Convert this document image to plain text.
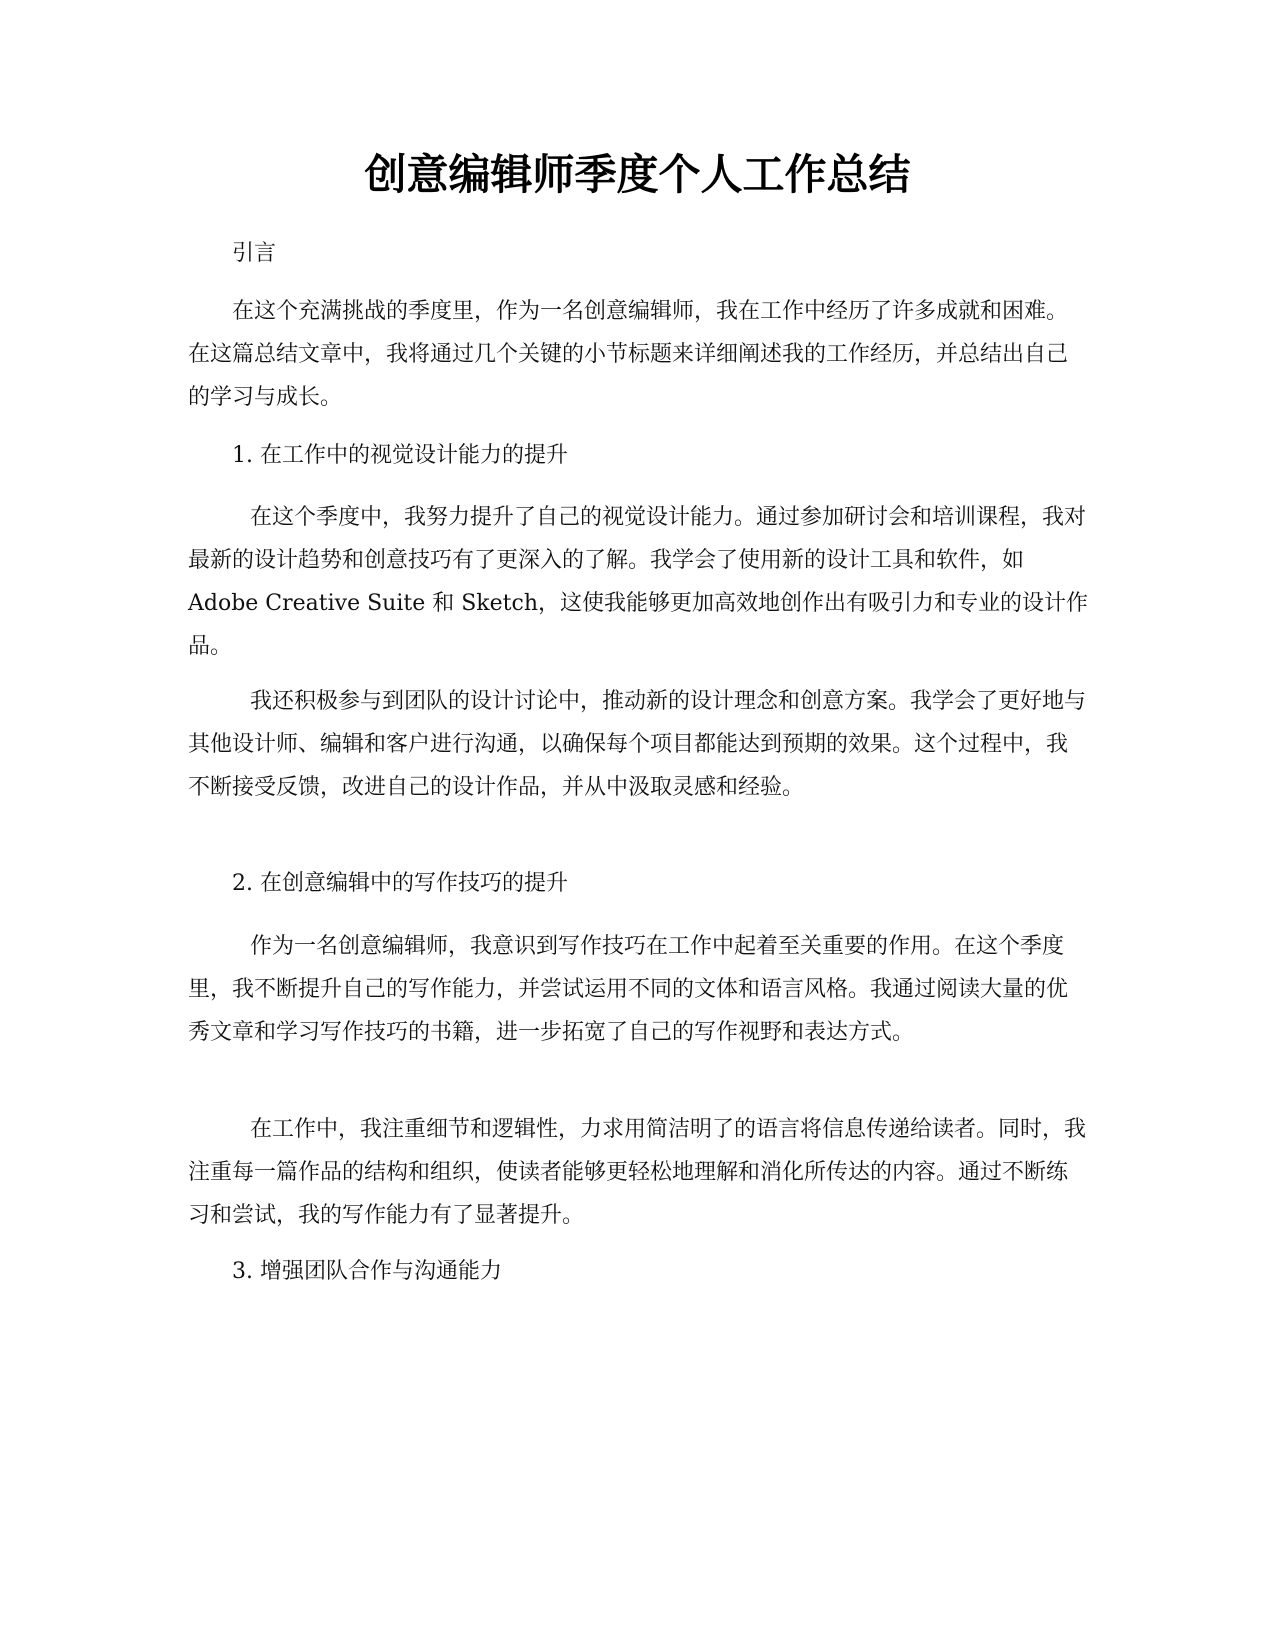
创意编辑师季度个人工作总结

引言

在这个充满挑战的季度里，作为一名创意编辑师，我在工作中经历了许多成就和困难。在这篇总结文章中，我将通过几个关键的小节标题来详细阐述我的工作经历，并总结出自己的学习与成长。

1. 在工作中的视觉设计能力的提升

在这个季度中，我努力提升了自己的视觉设计能力。通过参加研讨会和培训课程，我对最新的设计趋势和创意技巧有了更深入的了解。我学会了使用新的设计工具和软件，如 Adobe Creative Suite 和 Sketch，这使我能够更加高效地创作出有吸引力和专业的设计作品。

我还积极参与到团队的设计讨论中，推动新的设计理念和创意方案。我学会了更好地与其他设计师、编辑和客户进行沟通，以确保每个项目都能达到预期的效果。这个过程中，我不断接受反馈，改进自己的设计作品，并从中汲取灵感和经验。

2. 在创意编辑中的写作技巧的提升

作为一名创意编辑师，我意识到写作技巧在工作中起着至关重要的作用。在这个季度里，我不断提升自己的写作能力，并尝试运用不同的文体和语言风格。我通过阅读大量的优秀文章和学习写作技巧的书籍，进一步拓宽了自己的写作视野和表达方式。

在工作中，我注重细节和逻辑性，力求用简洁明了的语言将信息传递给读者。同时，我注重每一篇作品的结构和组织，使读者能够更轻松地理解和消化所传达的内容。通过不断练习和尝试，我的写作能力有了显著提升。

3. 增强团队合作与沟通能力
